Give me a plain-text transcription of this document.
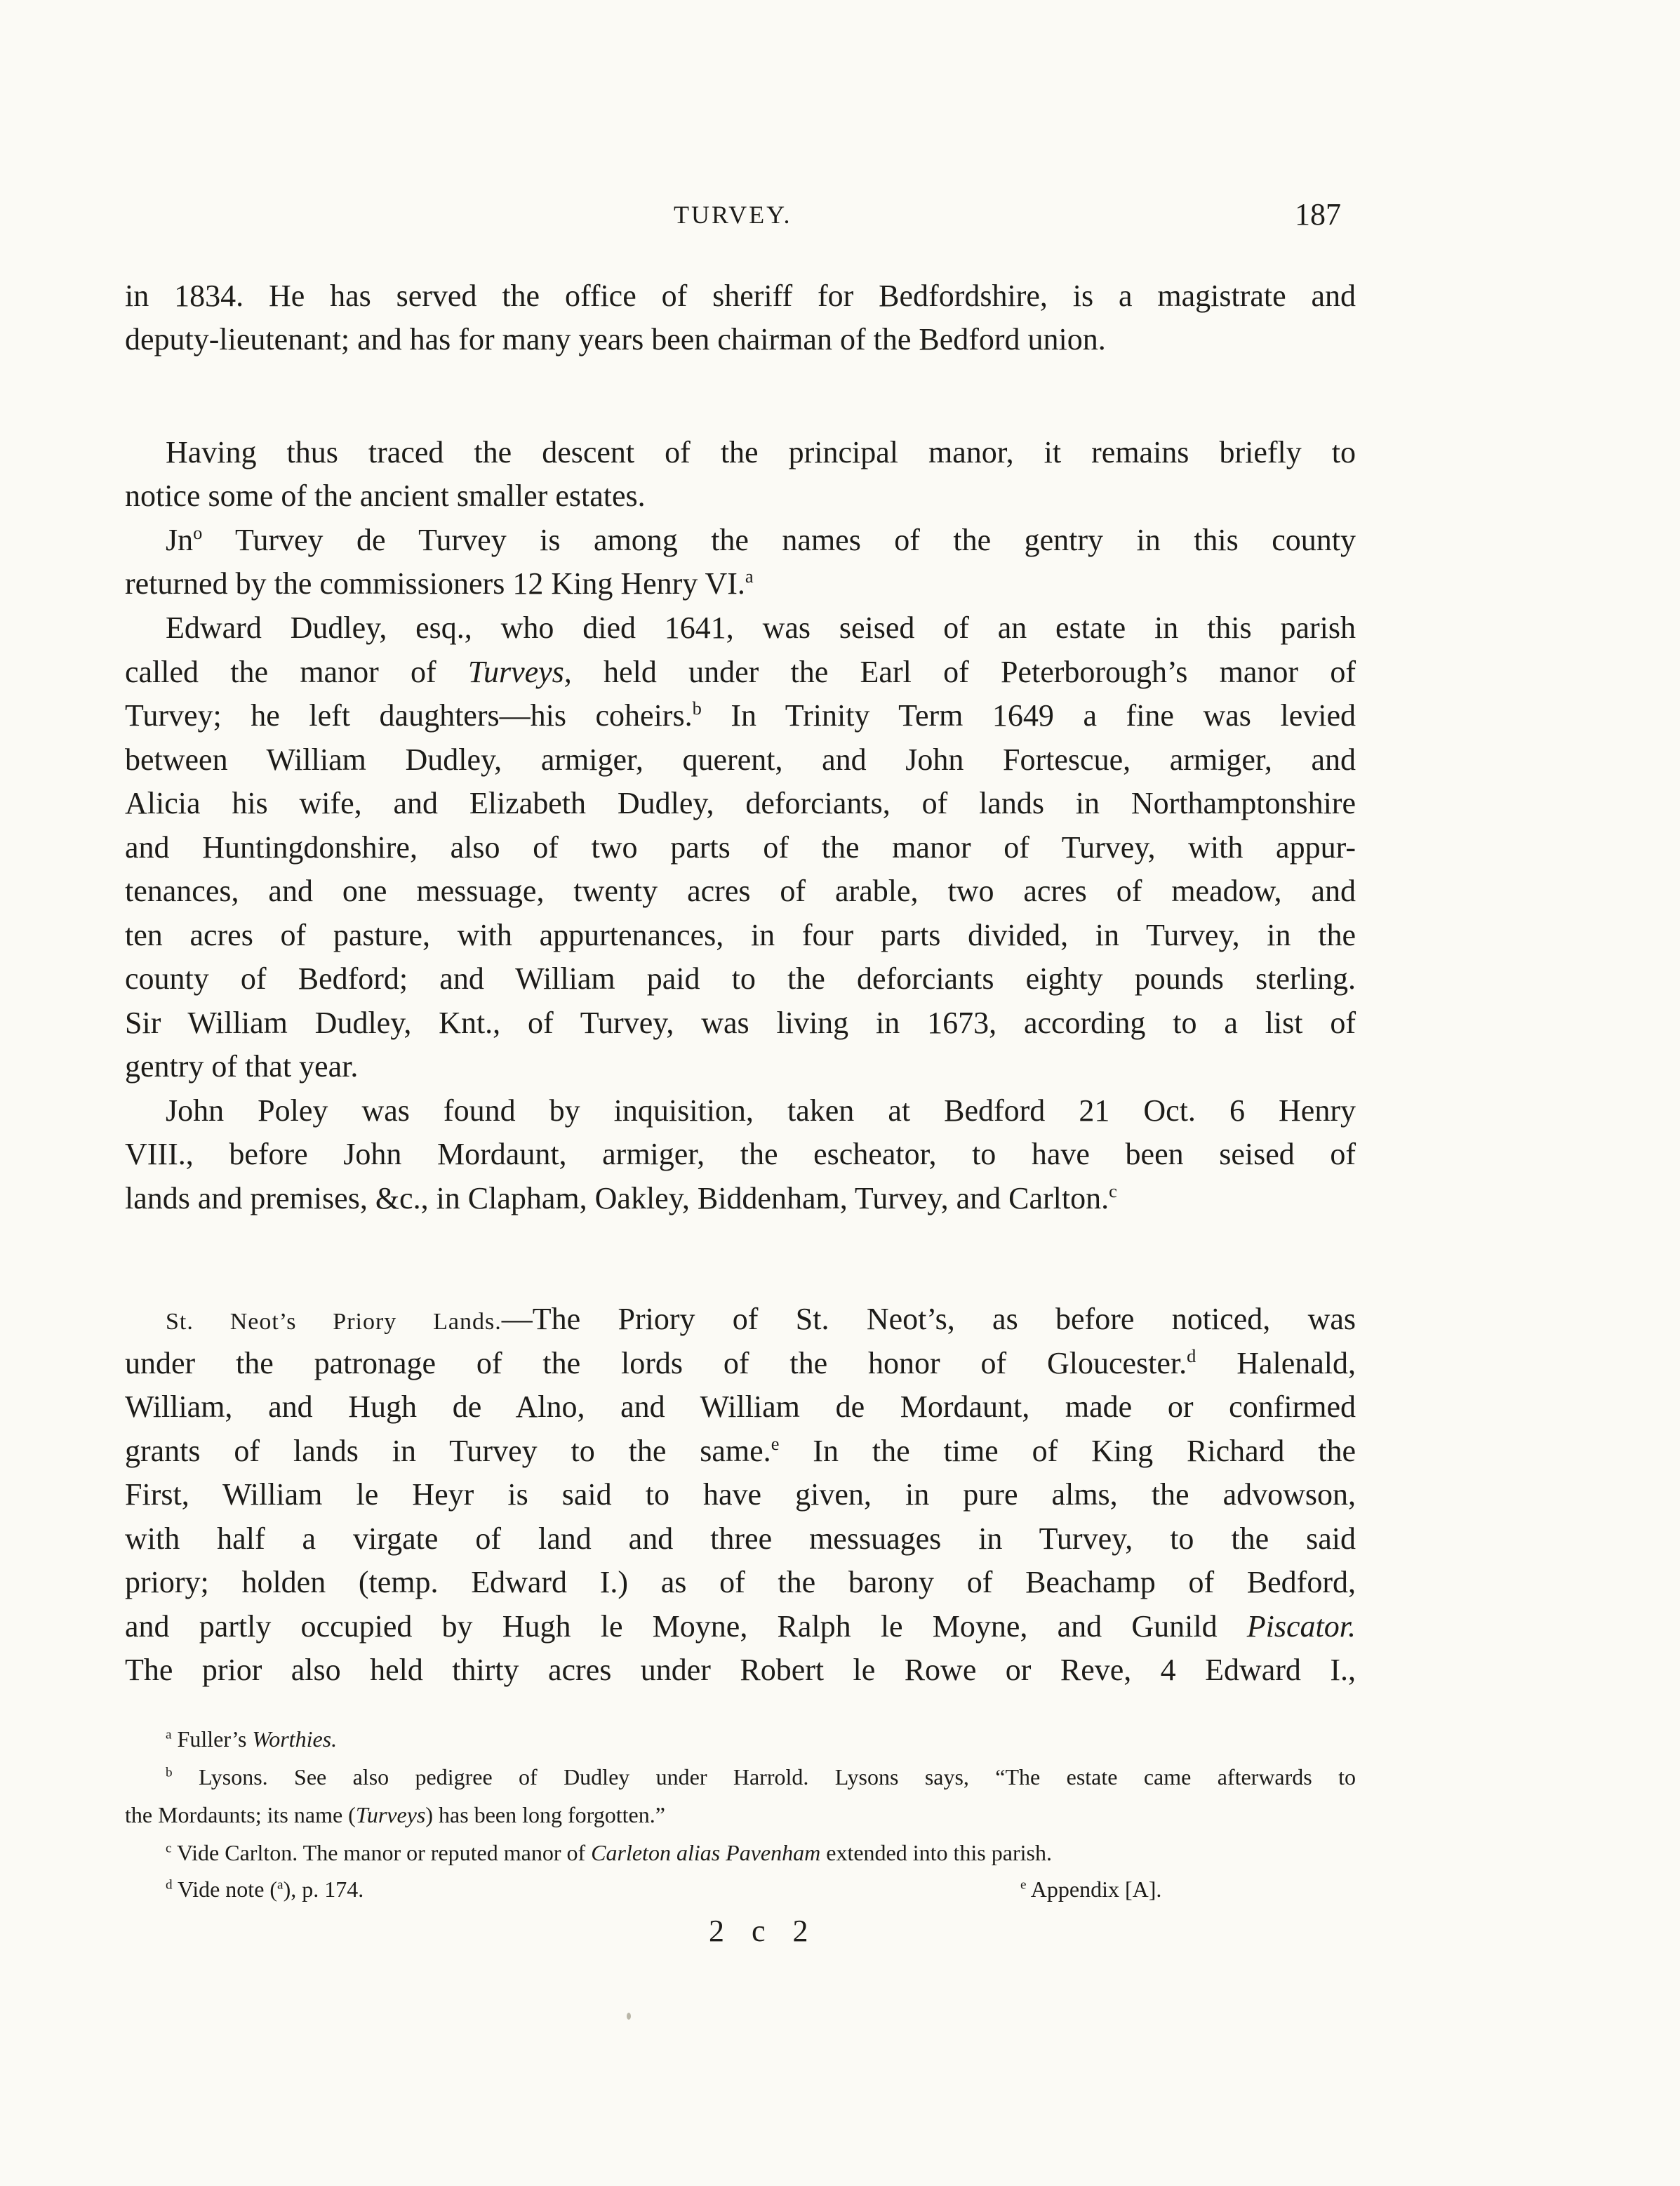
TURVEY.	187
in 1834. He has served the office of sheriff for Bedfordshire, is a magistrate and
deputy-lieutenant; and has for many years been chairman of the Bedford union.
Having thus traced the descent of the principal manor, it remains briefly to
notice some of the ancient smaller estates.
Jn$^o$ Turvey de Turvey is among the names of the gentry in this county
returned by the commissioners 12 King Henry VI.$^a$
Edward Dudley, esq., who died 1641, was seised of an estate in this parish
called the manor of Turveys, held under the Earl of Peterborough’s manor of
Turvey; he left daughters—his coheirs.$^b$ In Trinity Term 1649 a fine was levied
between William Dudley, armiger, querent, and John Fortescue, armiger, and
Alicia his wife, and Elizabeth Dudley, deforciants, of lands in Northamptonshire
and Huntingdonshire, also of two parts of the manor of Turvey, with appur-
tenances, and one messuage, twenty acres of arable, two acres of meadow, and
ten acres of pasture, with appurtenances, in four parts divided, in Turvey, in the
county of Bedford; and William paid to the deforciants eighty pounds sterling.
Sir William Dudley, Knt., of Turvey, was living in 1673, according to a list of
gentry of that year.
John Poley was found by inquisition, taken at Bedford 21 Oct. 6 Henry
VIII., before John Mordaunt, armiger, the escheator, to have been seised of
lands and premises, &c., in Clapham, Oakley, Biddenham, Turvey, and Carlton.$^c$
St. Neot’s Priory Lands.—The Priory of St. Neot’s, as before noticed, was
under the patronage of the lords of the honor of Gloucester.$^d$ Halenald,
William, and Hugh de Alno, and William de Mordaunt, made or confirmed
grants of lands in Turvey to the same.$^e$ In the time of King Richard the
First, William le Heyr is said to have given, in pure alms, the advowson,
with half a virgate of land and three messuages in Turvey, to the said
priory; holden (temp. Edward I.) as of the barony of Beachamp of Bedford,
and partly occupied by Hugh le Moyne, Ralph le Moyne, and Gunild Piscator.
The prior also held thirty acres under Robert le Rowe or Reve, 4 Edward I.,
$^a$ Fuller’s Worthies.
$^b$ Lysons. See also pedigree of Dudley under Harrold. Lysons says, “The estate came afterwards to
the Mordaunts; its name (Turveys) has been long forgotten.”
$^c$ Vide Carlton. The manor or reputed manor of Carleton alias Pavenham extended into this parish.
$^d$ Vide note ($^a$), p. 174.	$^e$ Appendix [A].
2 c 2
